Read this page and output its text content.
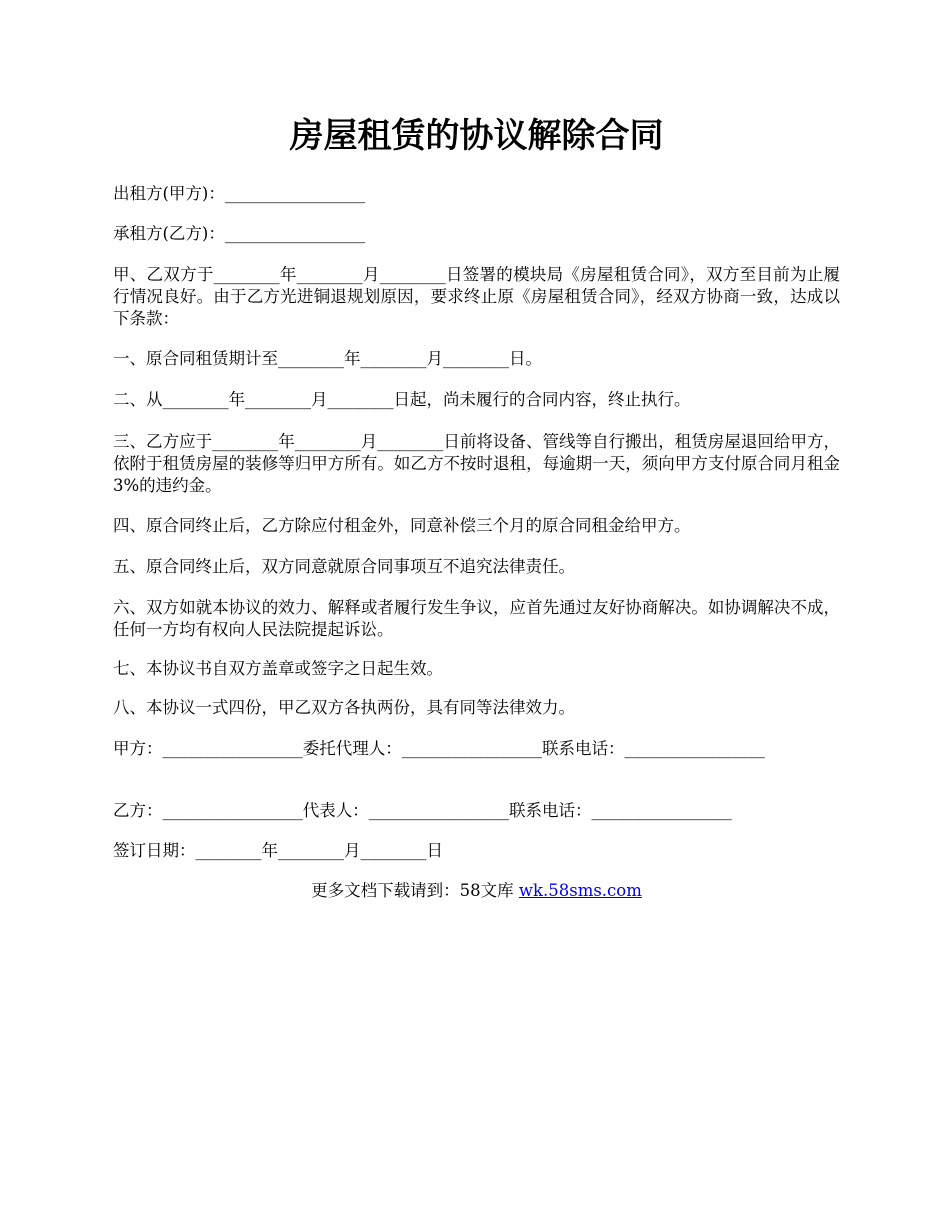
房屋租赁的协议解除合同
出租方(甲方)：_________________
承租方(乙方)：_________________
甲、乙双方于________年________月________日签署的模块局《房屋租赁合同》，双方至目前为止履行情况良好。由于乙方光进铜退规划原因，要求终止原《房屋租赁合同》，经双方协商一致，达成以下条款：
一、原合同租赁期计至________年________月________日。
二、从________年________月________日起，尚未履行的合同内容，终止执行。
三、乙方应于________年________月________日前将设备、管线等自行搬出，租赁房屋退回给甲方，依附于租赁房屋的装修等归甲方所有。如乙方不按时退租，每逾期一天，须向甲方支付原合同月租金3%的违约金。
四、原合同终止后，乙方除应付租金外，同意补偿三个月的原合同租金给甲方。
五、原合同终止后，双方同意就原合同事项互不追究法律责任。
六、双方如就本协议的效力、解释或者履行发生争议，应首先通过友好协商解决。如协调解决不成，任何一方均有权向人民法院提起诉讼。
七、本协议书自双方盖章或签字之日起生效。
八、本协议一式四份，甲乙双方各执两份，具有同等法律效力。
甲方：_________________委托代理人：_________________联系电话：_________________
乙方：_________________代表人：_________________联系电话：_________________
签订日期：________年________月________日
更多文档下载请到：58文库 wk.58sms.com
